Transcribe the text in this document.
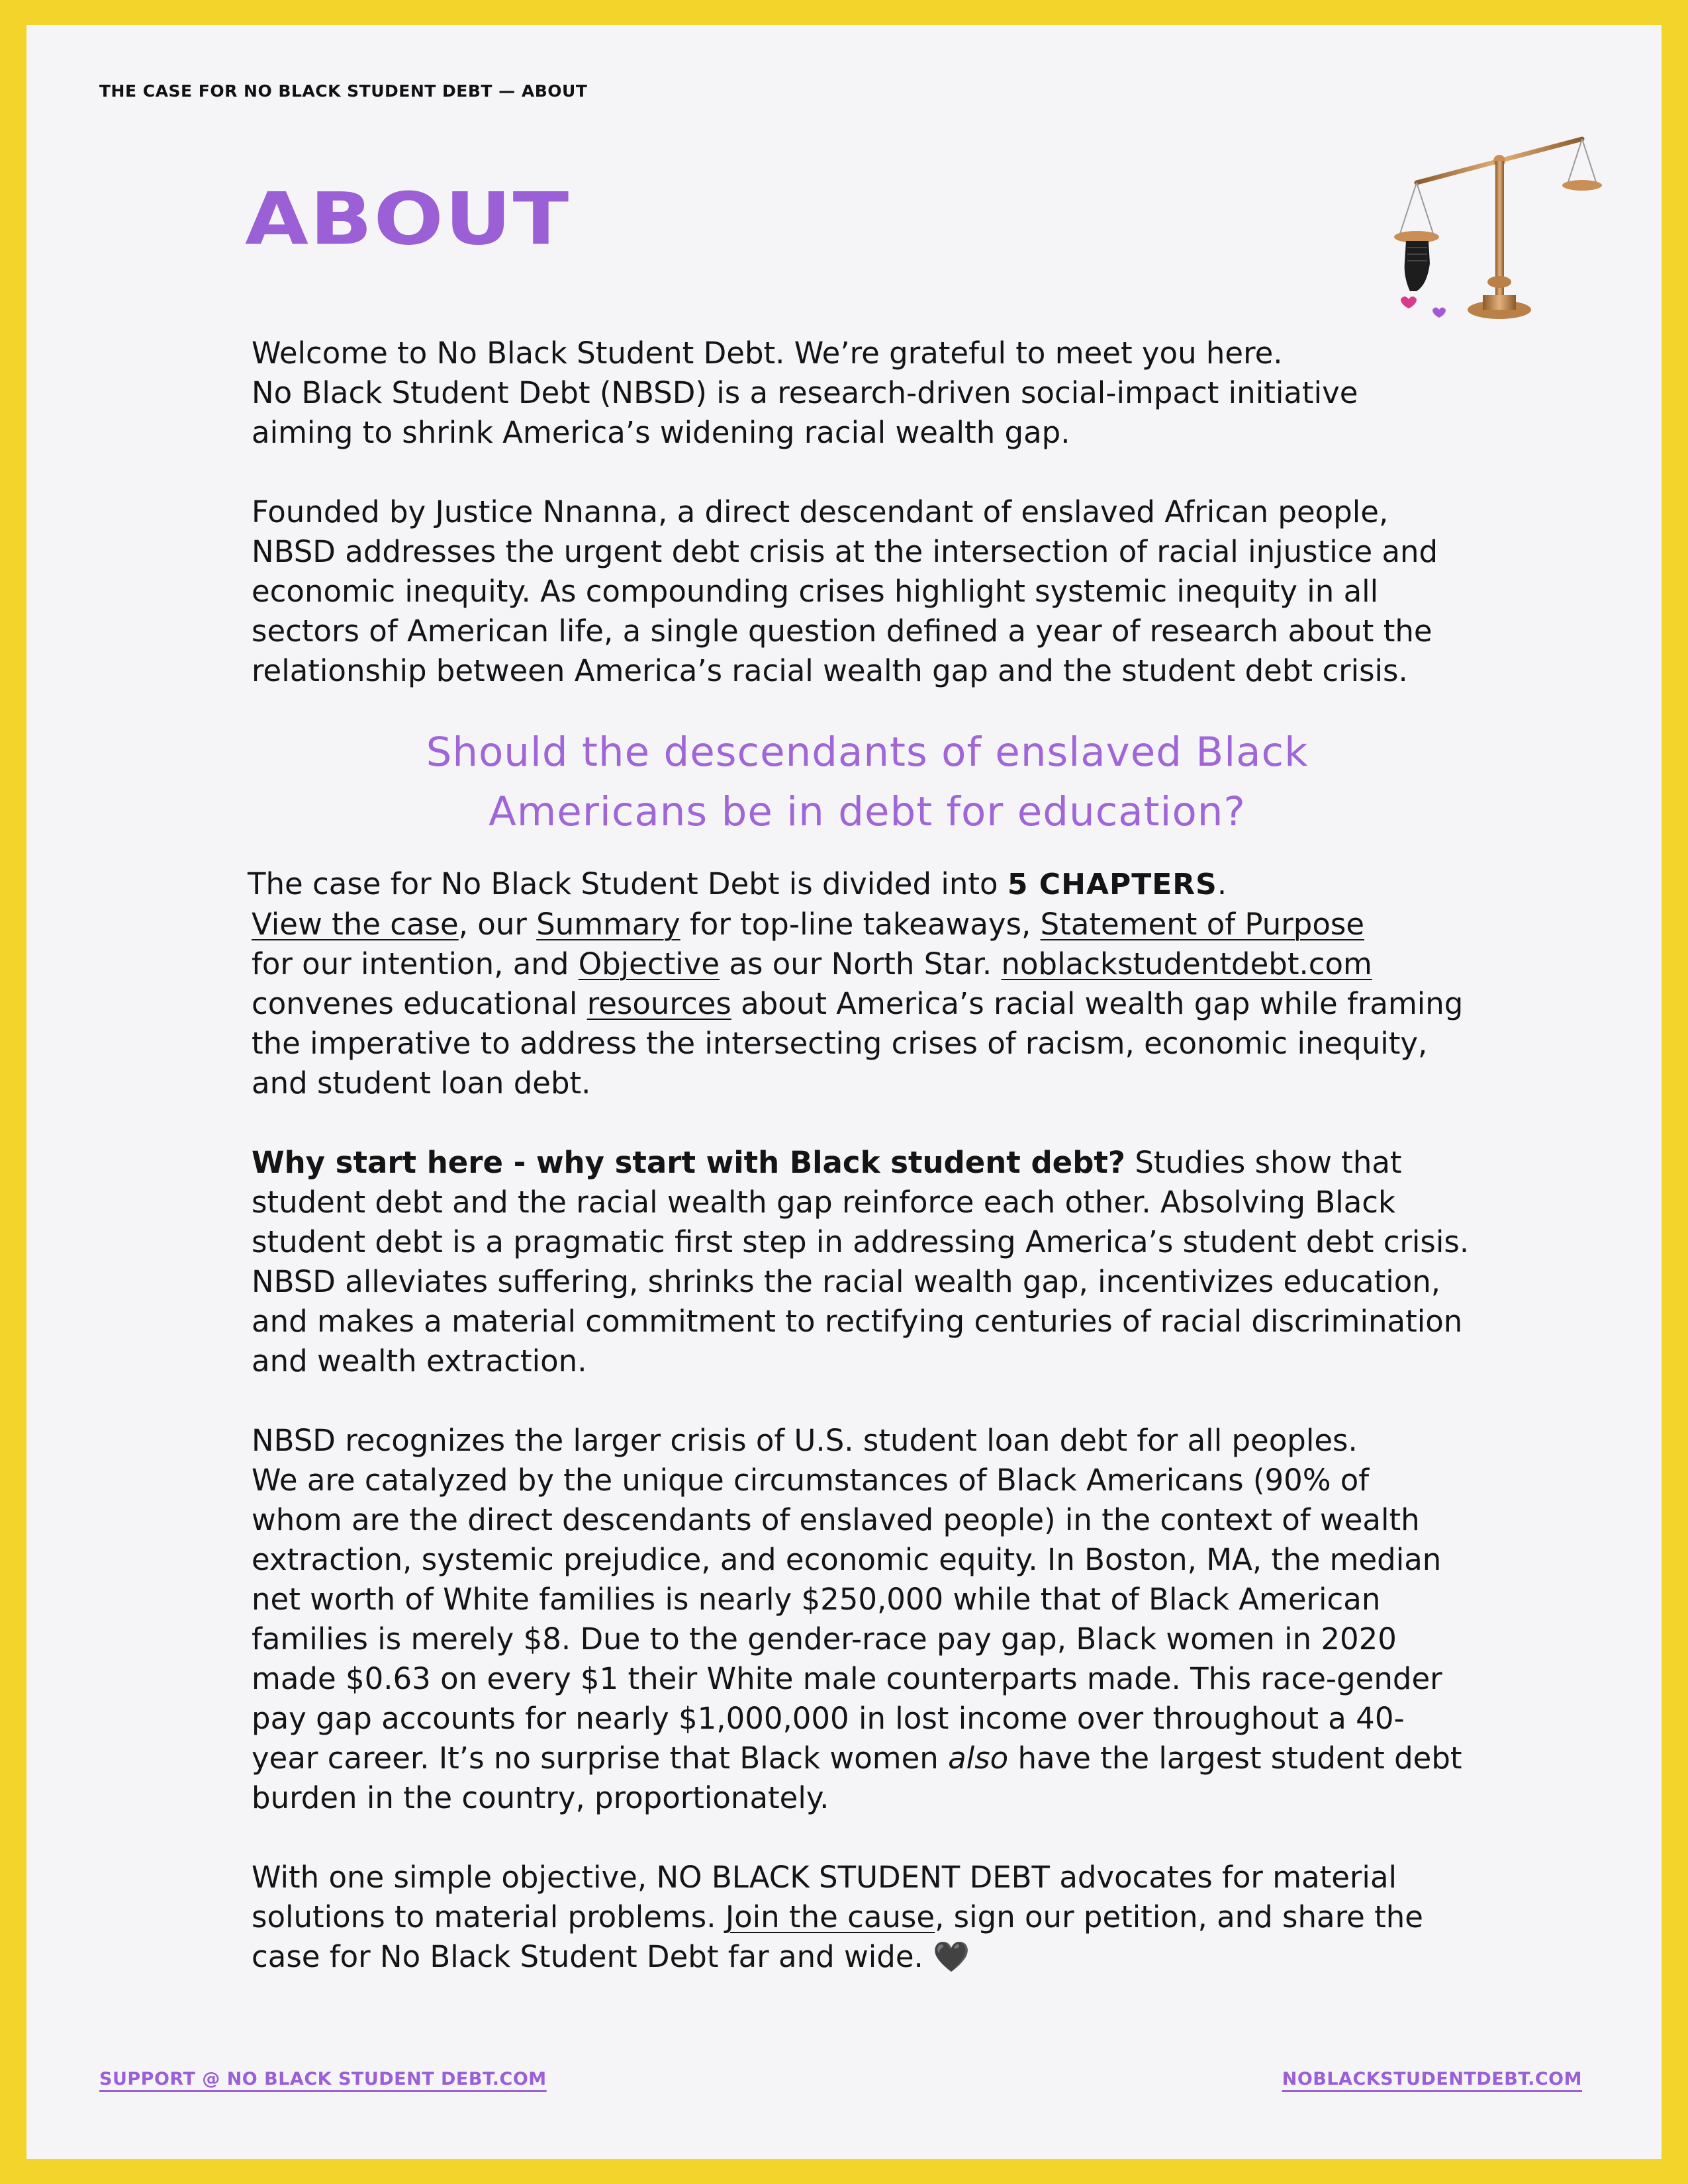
THE CASE FOR NO BLACK STUDENT DEBT — ABOUT
ABOUT

Welcome to No Black Student Debt. We’re grateful to meet you here.
No Black Student Debt (NBSD) is a research-driven social-impact initiative
aiming to shrink America’s widening racial wealth gap.

Founded by Justice Nnanna, a direct descendant of enslaved African people,
NBSD addresses the urgent debt crisis at the intersection of racial injustice and
economic inequity. As compounding crises highlight systemic inequity in all
sectors of American life, a single question defined a year of research about the
relationship between America’s racial wealth gap and the student debt crisis.

Should the descendants of enslaved Black
Americans be in debt for education?

The case for No Black Student Debt is divided into 5 CHAPTERS.
View the case, our Summary for top-line takeaways, Statement of Purpose
for our intention, and Objective as our North Star. noblackstudentdebt.com
convenes educational resources about America’s racial wealth gap while framing
the imperative to address the intersecting crises of racism, economic inequity,
and student loan debt.

Why start here - why start with Black student debt? Studies show that
student debt and the racial wealth gap reinforce each other. Absolving Black
student debt is a pragmatic first step in addressing America’s student debt crisis.
NBSD alleviates suffering, shrinks the racial wealth gap, incentivizes education,
and makes a material commitment to rectifying centuries of racial discrimination
and wealth extraction.

NBSD recognizes the larger crisis of U.S. student loan debt for all peoples.
We are catalyzed by the unique circumstances of Black Americans (90% of
whom are the direct descendants of enslaved people) in the context of wealth
extraction, systemic prejudice, and economic equity. In Boston, MA, the median
net worth of White families is nearly $250,000 while that of Black American
families is merely $8. Due to the gender-race pay gap, Black women in 2020
made $0.63 on every $1 their White male counterparts made. This race-gender
pay gap accounts for nearly $1,000,000 in lost income over throughout a 40-
year career. It’s no surprise that Black women also have the largest student debt
burden in the country, proportionately.

With one simple objective, NO BLACK STUDENT DEBT advocates for material
solutions to material problems. Join the cause, sign our petition, and share the
case for No Black Student Debt far and wide. 🖤

SUPPORT @ NO BLACK STUDENT DEBT.COM	NOBLACKSTUDENTDEBT.COM
